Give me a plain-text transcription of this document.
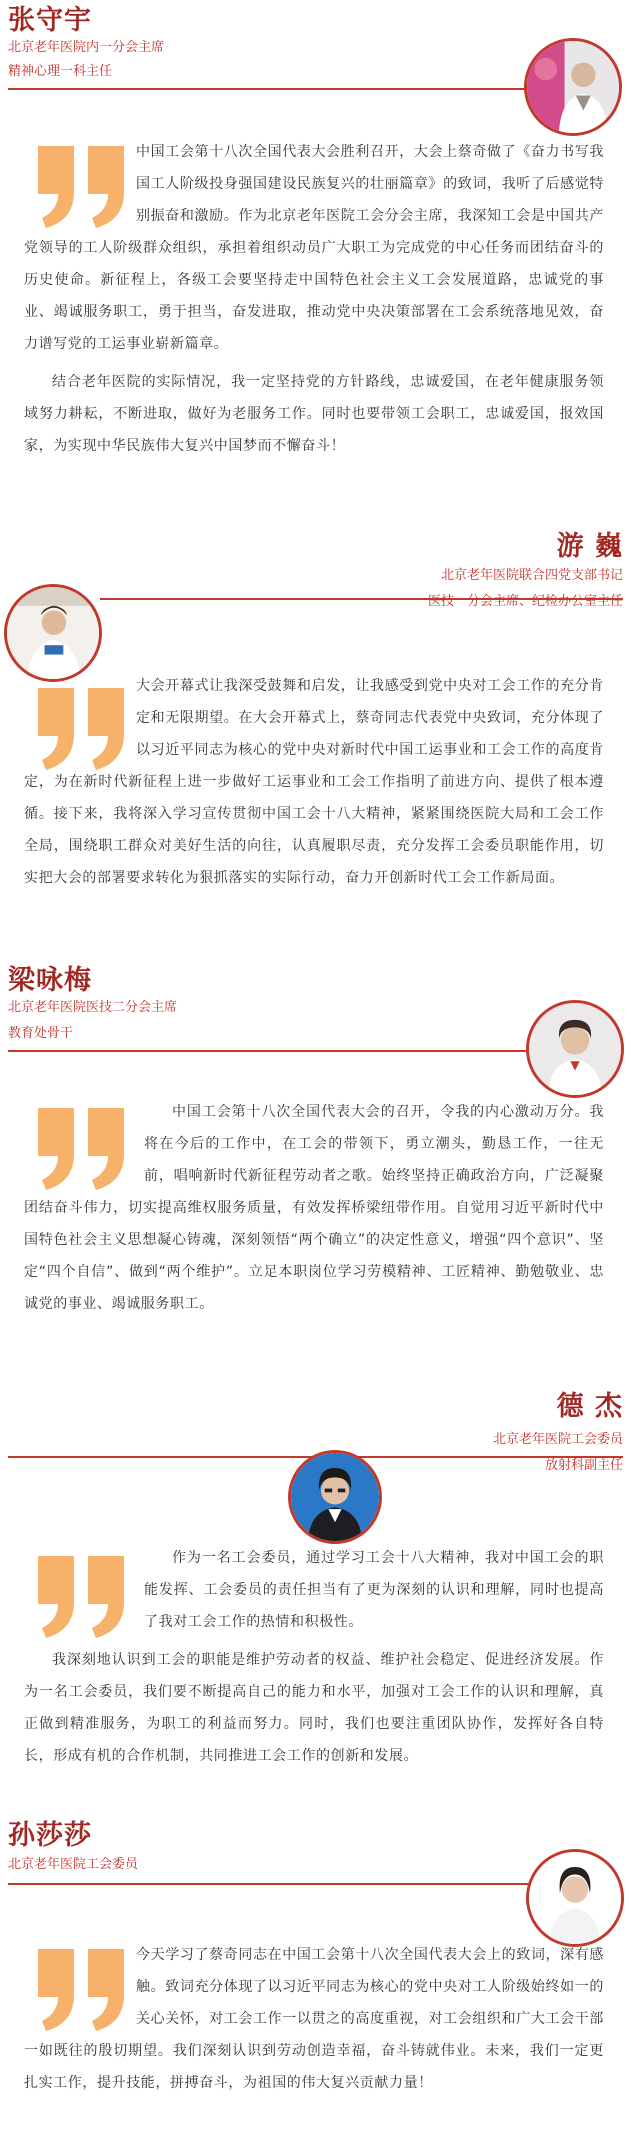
张守宇
北京老年医院内一分会主席
精神心理一科主任

中国工会第十八次全国代表大会胜利召开，大会上蔡奇做了《奋力书写我国工人阶级投身强国建设民族复兴的壮丽篇章》的致词，我听了后感觉特别振奋和激励。作为北京老年医院工会分会主席，我深知工会是中国共产党领导的工人阶级群众组织，承担着组织动员广大职工为完成党的中心任务而团结奋斗的历史使命。新征程上，各级工会要坚持走中国特色社会主义工会发展道路，忠诚党的事业、竭诚服务职工，勇于担当，奋发进取，推动党中央决策部署在工会系统落地见效，奋力谱写党的工运事业崭新篇章。

结合老年医院的实际情况，我一定坚持党的方针路线，忠诚爱国，在老年健康服务领域努力耕耘，不断进取，做好为老服务工作。同时也要带领工会职工，忠诚爱国，报效国家，为实现中华民族伟大复兴中国梦而不懈奋斗！

游 巍
北京老年医院联合四党支部书记
医技一分会主席、纪检办公室主任

大会开幕式让我深受鼓舞和启发，让我感受到党中央对工会工作的充分肯定和无限期望。在大会开幕式上，蔡奇同志代表党中央致词，充分体现了以习近平同志为核心的党中央对新时代中国工运事业和工会工作的高度肯定，为在新时代新征程上进一步做好工运事业和工会工作指明了前进方向、提供了根本遵循。接下来，我将深入学习宣传贯彻中国工会十八大精神，紧紧围绕医院大局和工会工作全局，围绕职工群众对美好生活的向往，认真履职尽责，充分发挥工会委员职能作用，切实把大会的部署要求转化为狠抓落实的实际行动，奋力开创新时代工会工作新局面。

梁咏梅
北京老年医院医技二分会主席
教育处骨干

中国工会第十八次全国代表大会的召开，令我的内心激动万分。我将在今后的工作中，在工会的带领下，勇立潮头，勤恳工作，一往无前，唱响新时代新征程劳动者之歌。始终坚持正确政治方向，广泛凝聚团结奋斗伟力，切实提高维权服务质量，有效发挥桥梁纽带作用。自觉用习近平新时代中国特色社会主义思想凝心铸魂，深刻领悟“两个确立”的决定性意义，增强“四个意识”、坚定“四个自信”、做到“两个维护”。立足本职岗位学习劳模精神、工匠精神、勤勉敬业、忠诚党的事业、竭诚服务职工。

德 杰
北京老年医院工会委员
放射科副主任

作为一名工会委员，通过学习工会十八大精神，我对中国工会的职能发挥、工会委员的责任担当有了更为深刻的认识和理解，同时也提高了我对工会工作的热情和积极性。

我深刻地认识到工会的职能是维护劳动者的权益、维护社会稳定、促进经济发展。作为一名工会委员，我们要不断提高自己的能力和水平，加强对工会工作的认识和理解，真正做到精准服务，为职工的利益而努力。同时，我们也要注重团队协作，发挥好各自特长，形成有机的合作机制，共同推进工会工作的创新和发展。

孙莎莎
北京老年医院工会委员

今天学习了蔡奇同志在中国工会第十八次全国代表大会上的致词，深有感触。致词充分体现了以习近平同志为核心的党中央对工人阶级始终如一的关心关怀，对工会工作一以贯之的高度重视，对工会组织和广大工会干部一如既往的殷切期望。我们深刻认识到劳动创造幸福，奋斗铸就伟业。未来，我们一定更扎实工作，提升技能，拼搏奋斗，为祖国的伟大复兴贡献力量！
